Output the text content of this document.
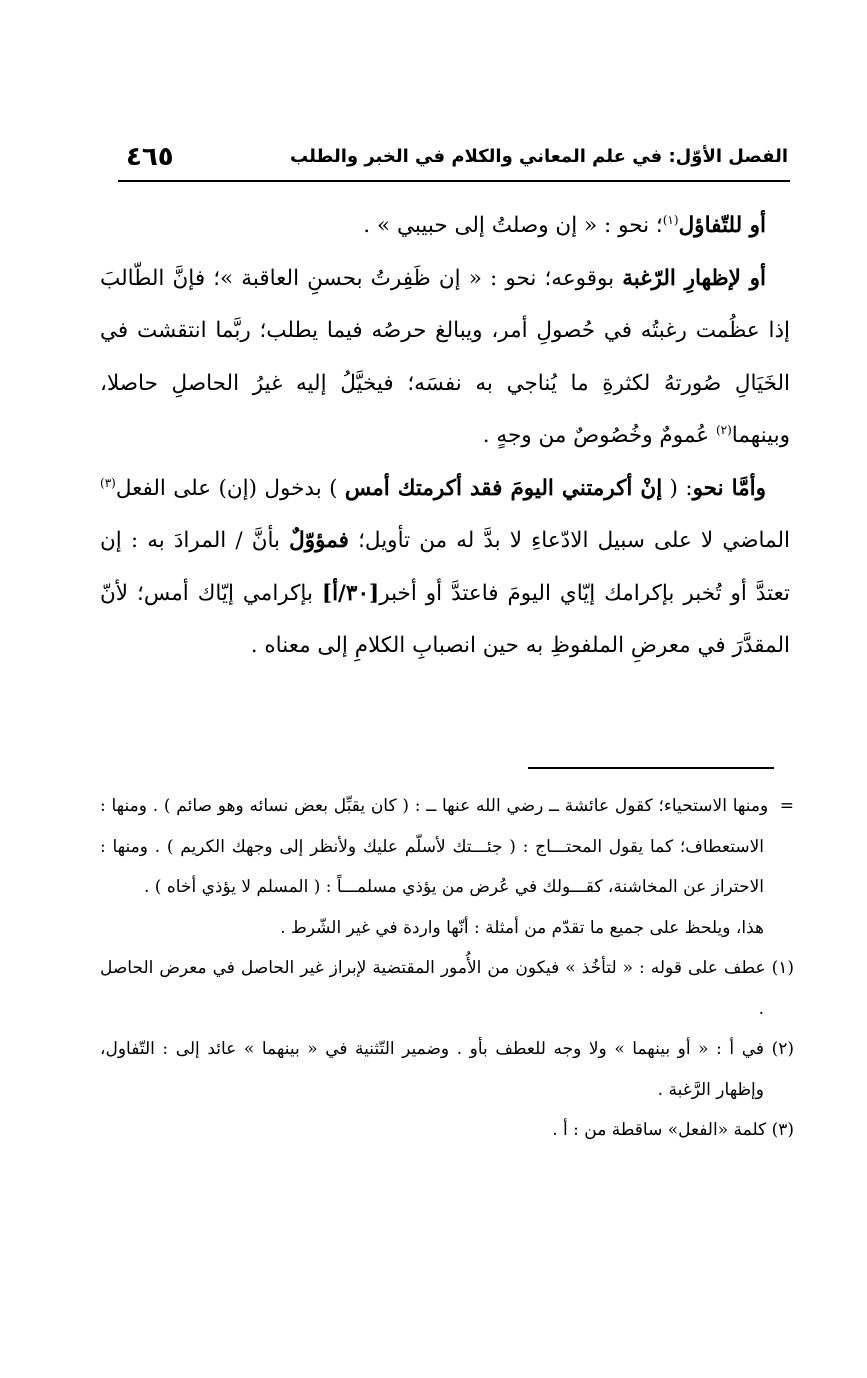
٤٦٥	الفصل الأوّل: في علم المعاني والكلام في الخبر والطلب

أو للتّفاؤل$^{(١)}$؛ نحو : « إن وصلتُ إلى حبيبي » .

أو لإظهارِ الرّغبة بوقوعه؛ نحو : « إن ظَفِرتُ بحسنِ العاقبة »؛ فإنَّ الطّالبَ إذا عظُمت رغبتُه في حُصولِ أمر، ويبالغ حرصُه فيما يطلب؛ ربَّما انتقشت في الخَيَالِ صُورتهُ لكثرةِ ما يُناجي به نفسَه؛ فيخيَّلُ إليه غيرُ الحاصلِ حاصلا، وبينهما$^{(٢)}$ عُمومٌ وخُصُوصٌ من وجهٍ .

وأمَّا نحو: ( إنْ أكرمتني اليومَ فقد أكرمتك أمس ) بدخول (إن) على الفعل$^{(٣)}$ الماضي لا على سبيل الادّعاءِ لا بدَّ له من تأويل؛ فمؤوّلٌ بأنَّ / المرادَ به : إن تعتدَّ أو تُخبر بإكرامك إيّاي اليومَ فاعتدَّ أو أخبر[٣٠/أ] بإكرامي إيّاك أمس؛ لأنّ المقدَّرَ في معرضِ الملفوظِ به حين انصبابِ الكلامِ إلى معناه .

=  ومنها الاستحياء؛ كقول عائشة ــ رضي الله عنها ــ : ( كان يقبِّل بعض نسائه وهو صائم ) . ومنها : الاستعطاف؛ كما يقول المحتـــاج : ( جئـــتك لأسلّم عليك ولأنظر إلى وجهك الكريم ) . ومنها : الاحتراز عن المخاشنة، كقـــولك في عُرض من يؤذي مسلمـــاً : ( المسلم لا يؤذي أخاه ) .

هذا، ويلحظ على جميع ما تقدّم من أمثلة : أنّها واردة في غير الشّرط .

(١) عطف على قوله : « لتأخُذ » فيكون من الأُمور المقتضية لإبراز غير الحاصل في معرض الحاصل .

(٢) في أ : « أو بينهما » ولا وجه للعطف بأو . وضمير التّثنية في « بينهما » عائد إلى : التّفاول، وإظهار الرَّغبة .

(٣) كلمة «الفعل» ساقطة من : أ .
